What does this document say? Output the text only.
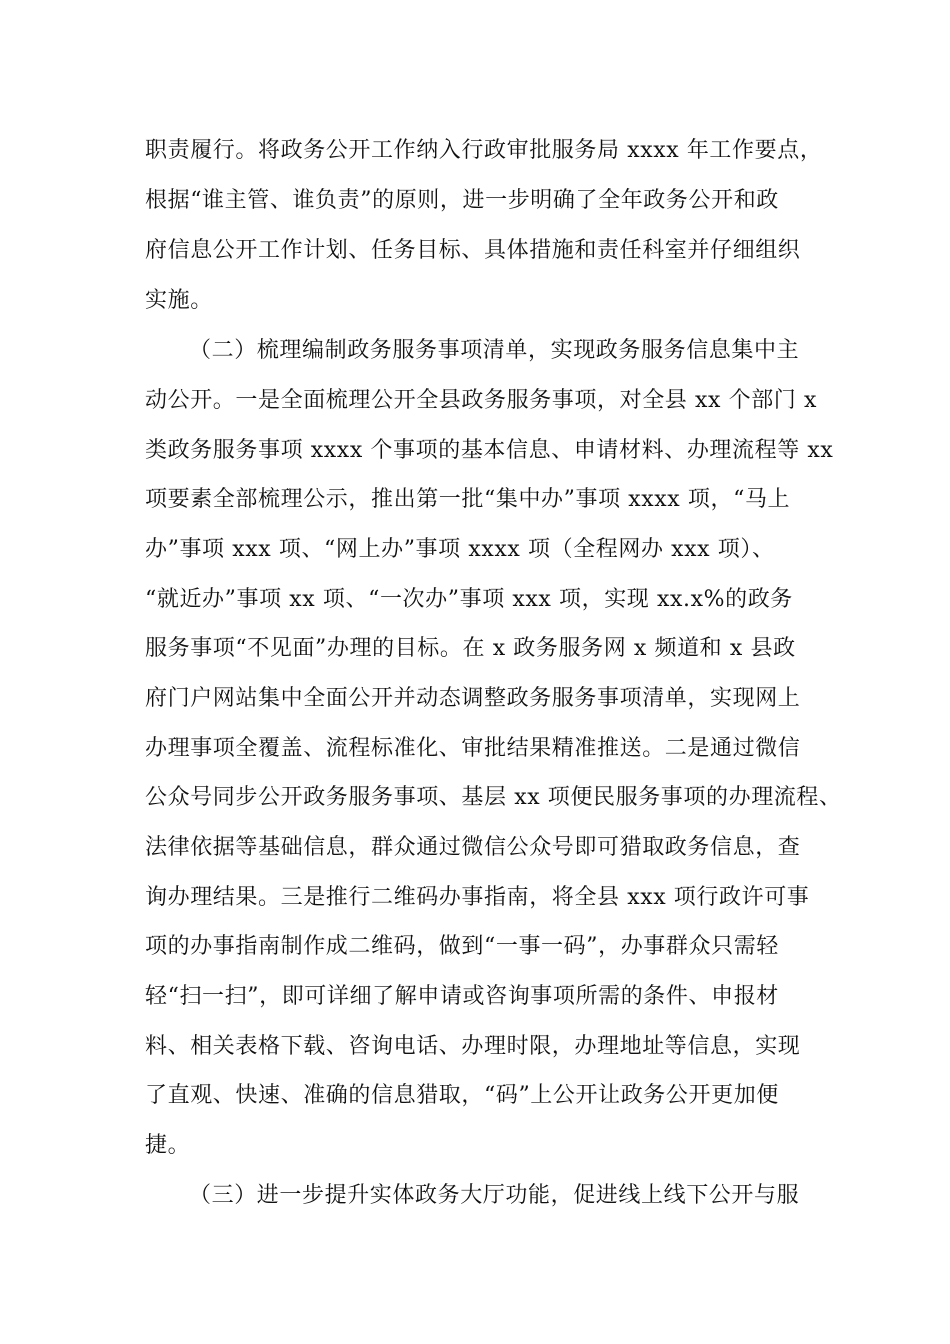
职责履行。将政务公开工作纳入行政审批服务局 xxxx 年工作要点，
根据“谁主管、谁负责”的原则，进一步明确了全年政务公开和政
府信息公开工作计划、任务目标、具体措施和责任科室并仔细组织
实施。
（二）梳理编制政务服务事项清单，实现政务服务信息集中主
动公开。一是全面梳理公开全县政务服务事项，对全县 xx 个部门 x
类政务服务事项 xxxx 个事项的基本信息、申请材料、办理流程等 xx
项要素全部梳理公示，推出第一批“集中办”事项 xxxx 项，“马上
办”事项 xxx 项、“网上办”事项 xxxx 项（全程网办 xxx 项）、
“就近办”事项 xx 项、“一次办”事项 xxx 项，实现 xx.x%的政务
服务事项“不见面”办理的目标。在 x 政务服务网 x 频道和 x 县政
府门户网站集中全面公开并动态调整政务服务事项清单，实现网上
办理事项全覆盖、流程标准化、审批结果精准推送。二是通过微信
公众号同步公开政务服务事项、基层 xx 项便民服务事项的办理流程、
法律依据等基础信息，群众通过微信公众号即可猎取政务信息，查
询办理结果。三是推行二维码办事指南，将全县 xxx 项行政许可事
项的办事指南制作成二维码，做到“一事一码”，办事群众只需轻
轻“扫一扫”，即可详细了解申请或咨询事项所需的条件、申报材
料、相关表格下载、咨询电话、办理时限，办理地址等信息，实现
了直观、快速、准确的信息猎取，“码”上公开让政务公开更加便
捷。
（三）进一步提升实体政务大厅功能，促进线上线下公开与服
